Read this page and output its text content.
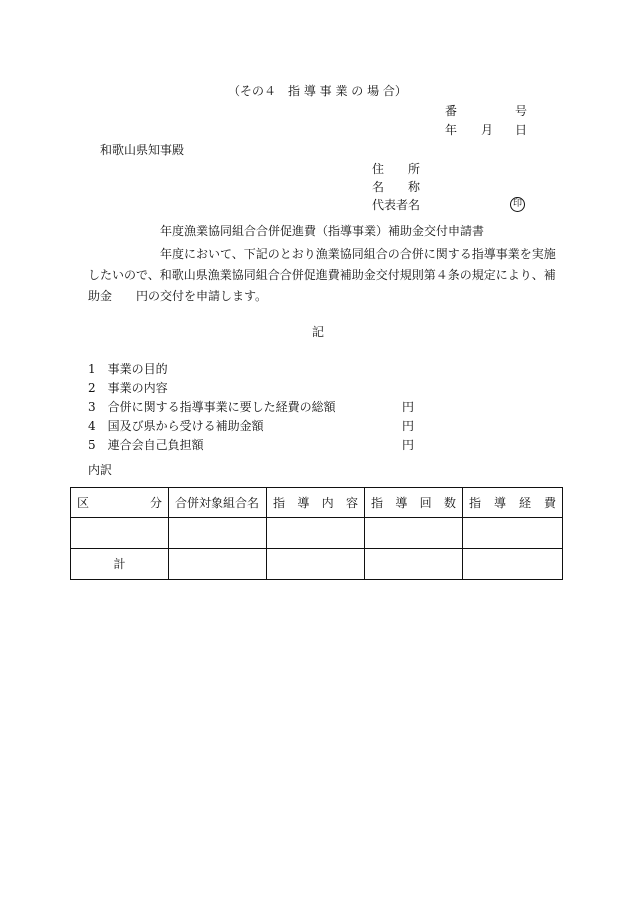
（その４　指 導 事 業 の 場 合）
番	号
年 月 日
和歌山県知事殿
住　　所
名　　称
代表者名	印
年度漁業協同組合合併促進費（指導事業）補助金交付申請書
年度において、下記のとおり漁業協同組合の合併に関する指導事業を実施
したいので、和歌山県漁業協同組合合併促進費補助金交付規則第４条の規定により、補
助金　　円の交付を申請します。
記
1　 事業の目的
2　 事業の内容
3　 合併に関する指導事業に要した経費の総額	円
4　 国及び県から受ける補助金額	円
5　 連合会自己負担額	円
内訳
区 分	合併対象組合名	指 導 内 容	指 導 回 数	指 導 経 費

計				
